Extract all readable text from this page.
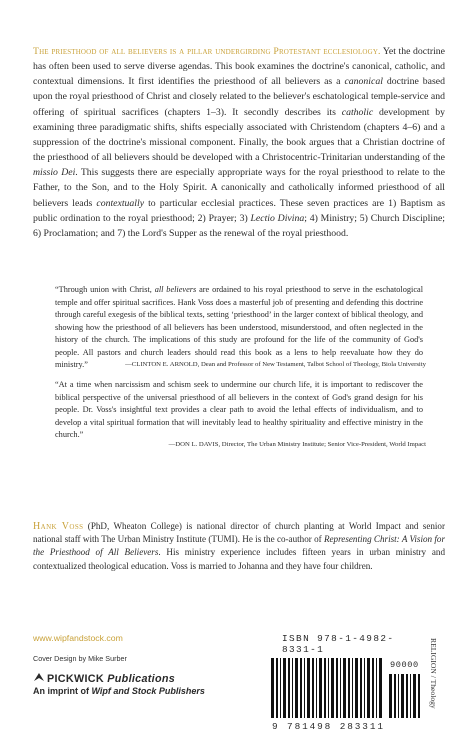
The priesthood of all believers is a pillar undergirding Protestant ecclesiology. Yet the doctrine has often been used to serve diverse agendas. This book examines the doctrine's canonical, catholic, and contextual dimensions. It first identifies the priesthood of all believers as a canonical doctrine based upon the royal priesthood of Christ and closely related to the believer's eschatological temple-service and offering of spiritual sacrifices (chapters 1–3). It secondly describes its catholic development by examining three paradigmatic shifts, shifts especially associated with Christendom (chapters 4–6) and a suppression of the doctrine's missional component. Finally, the book argues that a Christian doctrine of the priesthood of all believers should be developed with a Christocentric-Trinitarian understanding of the missio Dei. This suggests there are especially appropriate ways for the royal priesthood to relate to the Father, to the Son, and to the Holy Spirit. A canonically and catholically informed priesthood of all believers leads contextually to particular ecclesial practices. These seven practices are 1) Baptism as public ordination to the royal priesthood; 2) Prayer; 3) Lectio Divina; 4) Ministry; 5) Church Discipline; 6) Proclamation; and 7) the Lord's Supper as the renewal of the royal priesthood.
“Through union with Christ, all believers are ordained to his royal priesthood to serve in the eschatological temple and offer spiritual sacrifices. Hank Voss does a masterful job of presenting and defending this doctrine through careful exegesis of the biblical texts, setting ‘priesthood’ in the larger context of biblical theology, and showing how the priesthood of all believers has been understood, misunderstood, and often neglected in the history of the church. The implications of this study are profound for the life of the community of God's people. All pastors and church leaders should read this book as a lens to help reevaluate how they do ministry.”	—CLINTON E. ARNOLD, Dean and Professor of New Testament, Talbot School of Theology, Biola University
“At a time when narcissism and schism seek to undermine our church life, it is important to rediscover the biblical perspective of the universal priesthood of all believers in the context of God's grand design for his people. Dr. Voss's insightful text provides a clear path to avoid the lethal effects of individualism, and to develop a vital spiritual formation that will inevitably lead to healthy spirituality and effective ministry in the church.”
—DON L. DAVIS, Director, The Urban Ministry Institute; Senior Vice-President, World Impact
Hank Voss (PhD, Wheaton College) is national director of church planting at World Impact and senior national staff with The Urban Ministry Institute (TUMI). He is the co-author of Representing Christ: A Vision for the Priesthood of All Believers. His ministry experience includes fifteen years in urban ministry and contextualized theological education. Voss is married to Johanna and they have four children.
www.wipfandstock.com
Cover Design by Mike Surber
PICKWICK Publications
An imprint of Wipf and Stock Publishers
ISBN 978-1-4982-8331-1
90000
9 781498 283311
RELIGION / Theology
